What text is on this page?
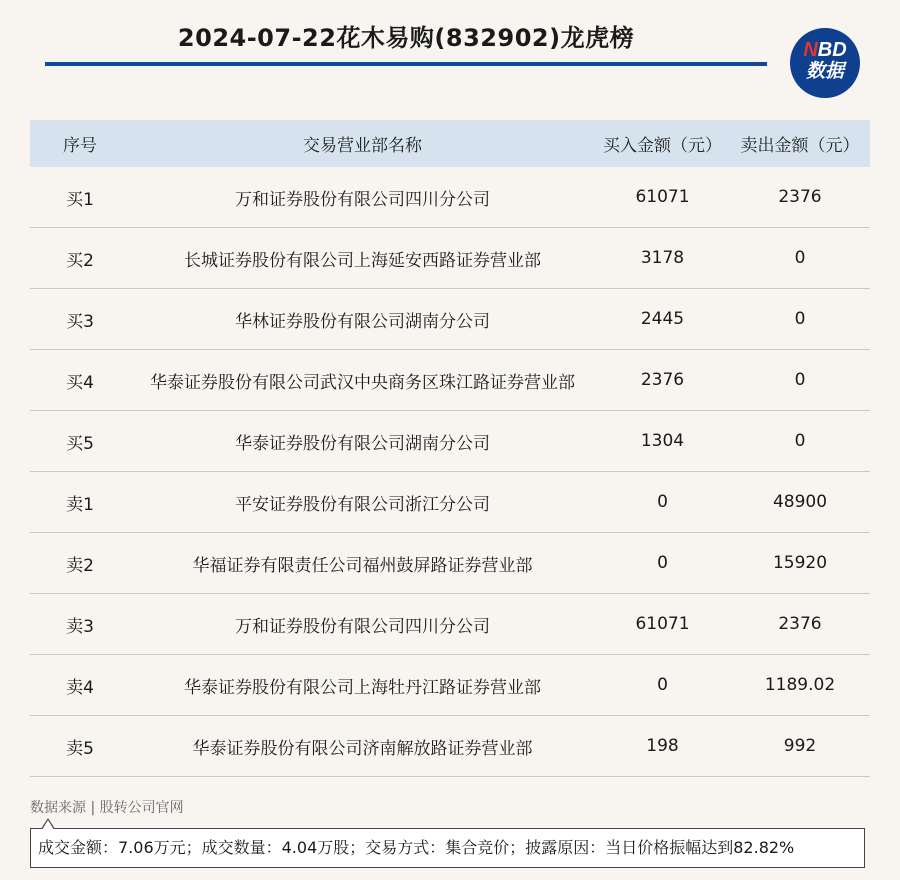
2024-07-22花木易购(832902)龙虎榜	NBD
数据
序号	交易营业部名称	买入金额（元）	卖出金额（元）
买1	万和证券股份有限公司四川分公司	61071	2376
买2	长城证券股份有限公司上海延安西路证券营业部	3178	0
买3	华林证券股份有限公司湖南分公司	2445	0
买4	华泰证券股份有限公司武汉中央商务区珠江路证券营业部	2376	0
买5	华泰证券股份有限公司湖南分公司	1304	0
卖1	平安证券股份有限公司浙江分公司	0	48900
卖2	华福证券有限责任公司福州鼓屏路证券营业部	0	15920
卖3	万和证券股份有限公司四川分公司	61071	2376
卖4	华泰证券股份有限公司上海牡丹江路证券营业部	0	1189.02
卖5	华泰证券股份有限公司济南解放路证券营业部	198	992
数据来源 | 股转公司官网
成交金额：7.06万元；成交数量：4.04万股；交易方式：集合竞价；披露原因：当日价格振幅达到82.82%
